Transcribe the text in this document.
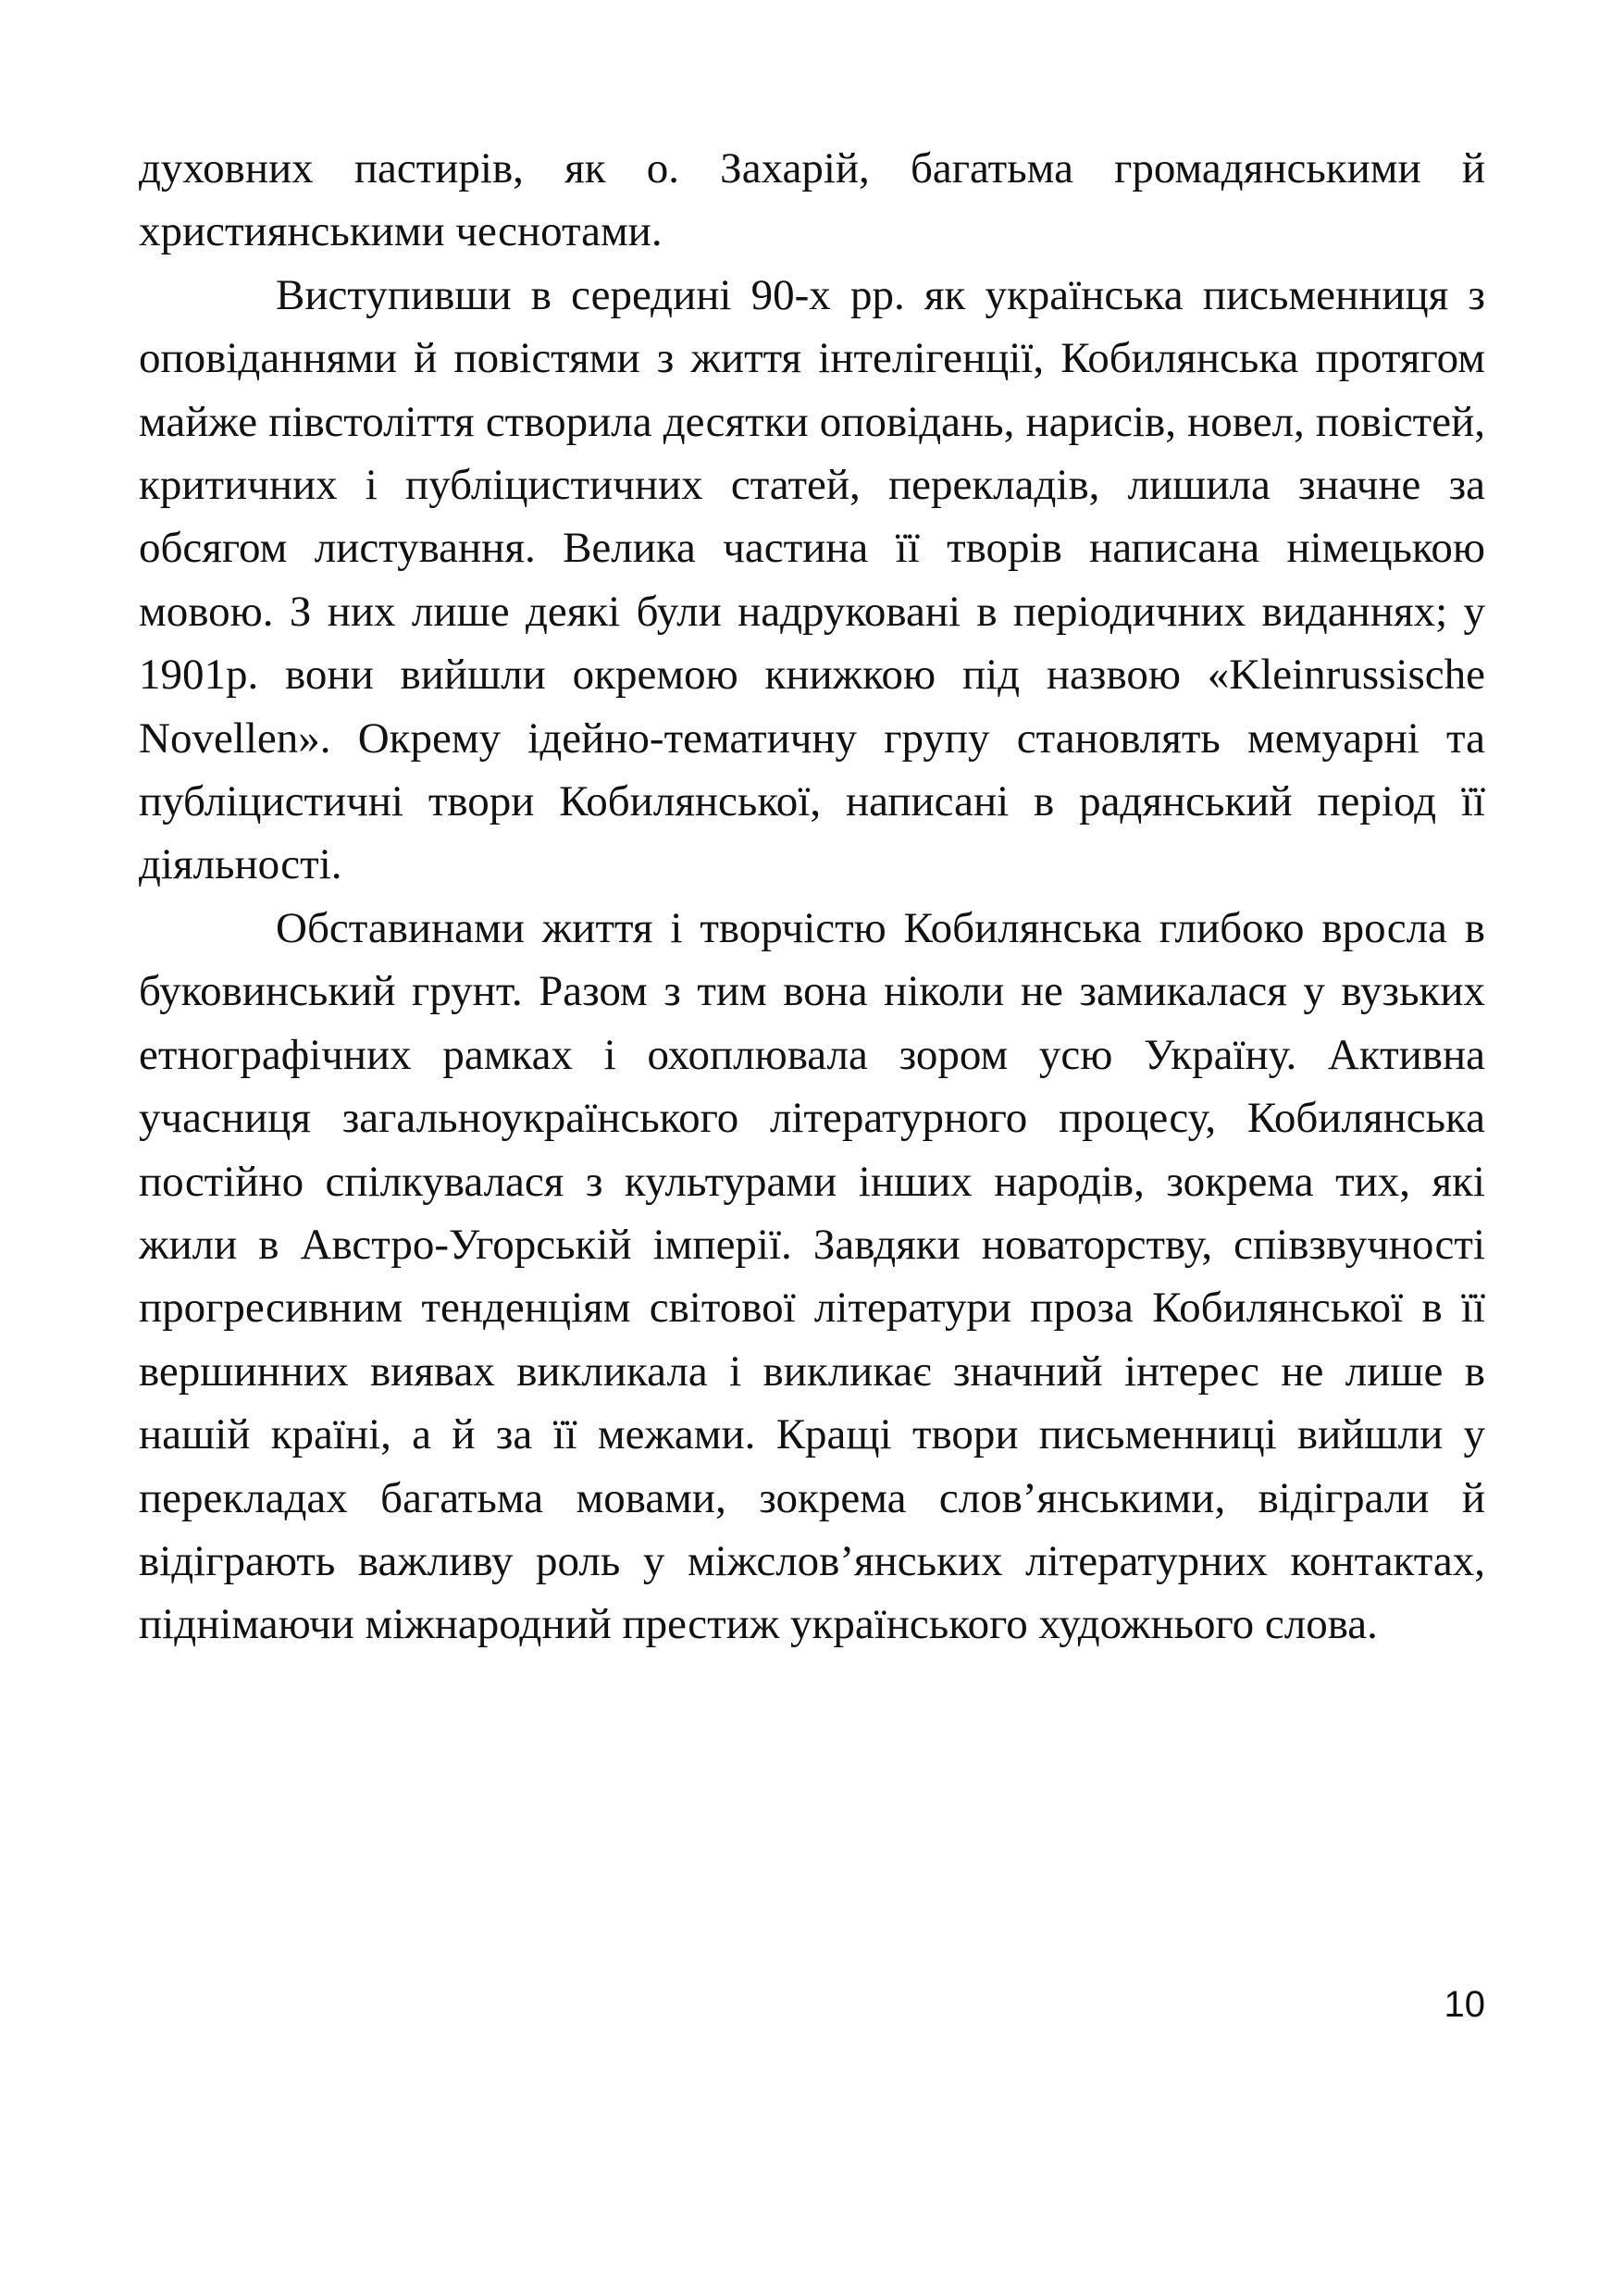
духовних пастирів, як о. Захарій, багатьма громадянськими й християнськими чеснотами.

Виступивши в середині 90-х рр. як українська письменниця з оповіданнями й повістями з життя інтелігенції, Кобилянська протягом майже півстоліття створила десятки оповідань, нарисів, новел, повістей, критичних і публіцистичних статей, перекладів, лишила значне за обсягом листування. Велика частина її творів написана німецькою мовою. З них лише деякі були надруковані в періодичних виданнях; у 1901р. вони вийшли окремою книжкою під назвою «Kleinrussische Novellen». Окрему ідейно-тематичну групу становлять мемуарні та публіцистичні твори Кобилянської, написані в радянський період її діяльності.

Обставинами життя і творчістю Кобилянська глибоко вросла в буковинський грунт. Разом з тим вона ніколи не замикалася у вузьких етнографічних рамках і охоплювала зором усю Україну. Активна учасниця загальноукраїнського літературного процесу, Кобилянська постійно спілкувалася з культурами інших народів, зокрема тих, які жили в Австро-Угорській імперії. Завдяки новаторству, співзвучності прогресивним тенденціям світової літератури проза Кобилянської в її вершинних виявах викликала і викликає значний інтерес не лише в нашій країні, а й за її межами. Кращі твори письменниці вийшли у перекладах багатьма мовами, зокрема слов’янськими, відіграли й відіграють важливу роль у міжслов’янських літературних контактах, піднімаючи міжнародний престиж українського художнього слова.

10
